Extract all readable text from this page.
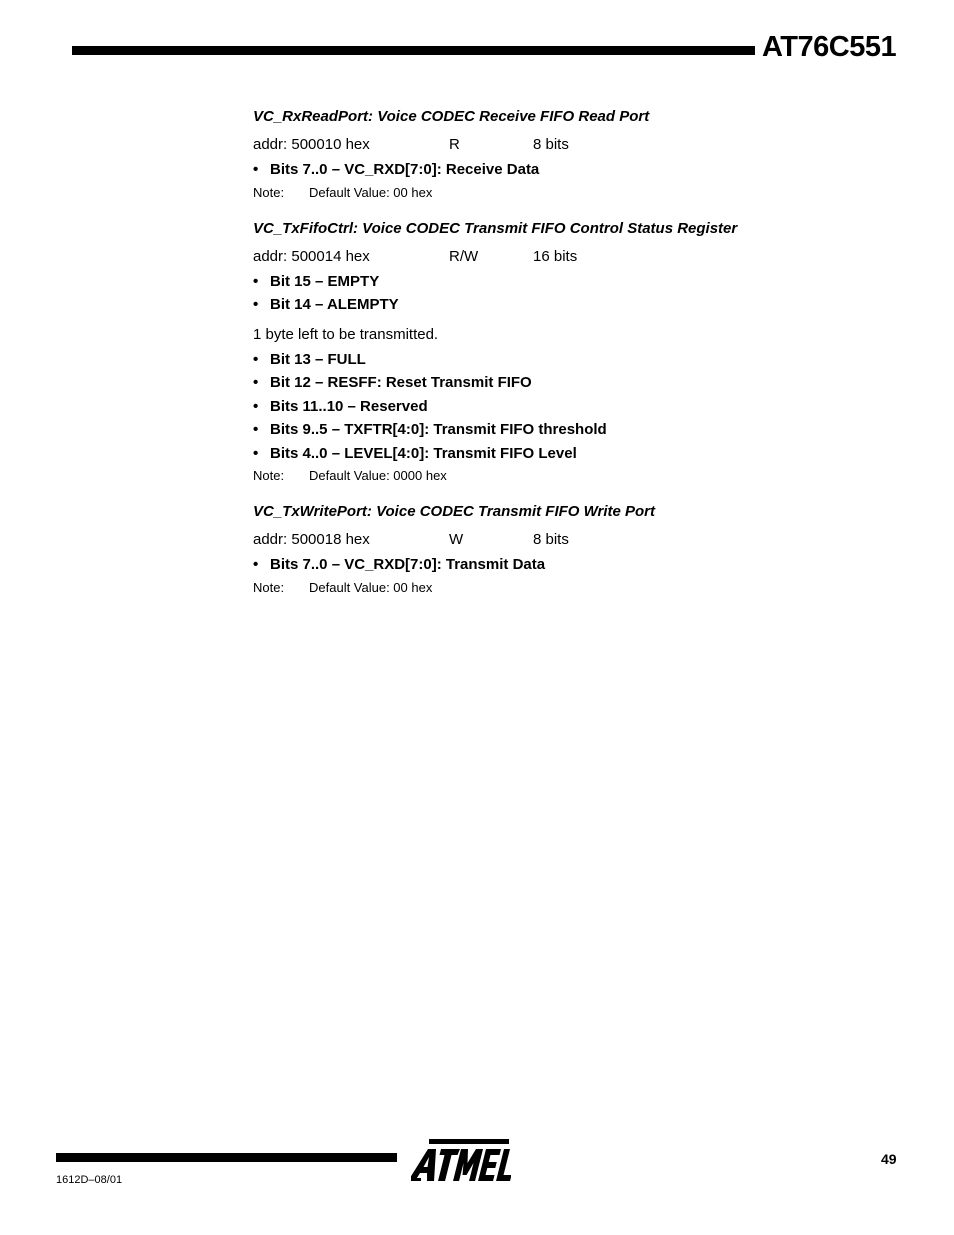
AT76C551

VC_RxReadPort: Voice CODEC Receive FIFO Read Port

addr: 500010 hex	R	8 bits
• Bits 7..0 – VC_RXD[7:0]: Receive Data
Note: Default Value: 00 hex

VC_TxFifoCtrl: Voice CODEC Transmit FIFO Control Status Register

addr: 500014 hex	R/W	16 bits
• Bit 15 – EMPTY
• Bit 14 – ALEMPTY
1 byte left to be transmitted.
• Bit 13 – FULL
• Bit 12 – RESFF: Reset Transmit FIFO
• Bits 11..10 – Reserved
• Bits 9..5 – TXFTR[4:0]: Transmit FIFO threshold
• Bits 4..0 – LEVEL[4:0]: Transmit FIFO Level
Note: Default Value: 0000 hex

VC_TxWritePort: Voice CODEC Transmit FIFO Write Port

addr: 500018 hex	W	8 bits
• Bits 7..0 – VC_RXD[7:0]: Transmit Data
Note: Default Value: 00 hex
ATMEL
49
1612D–08/01
